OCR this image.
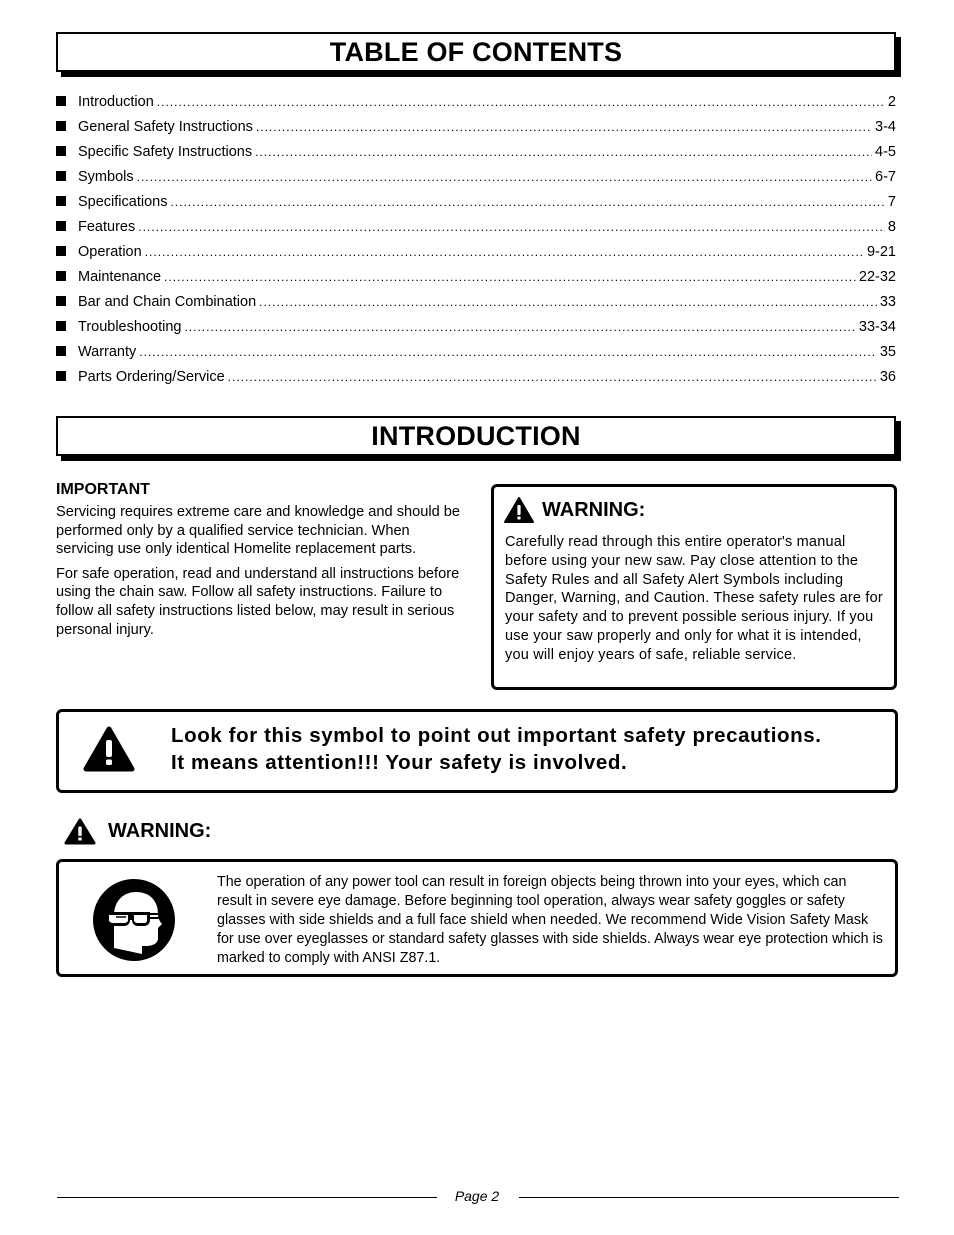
TABLE OF CONTENTS
Introduction .....	2
General Safety Instructions .....	3-4
Specific Safety Instructions .....	4-5
Symbols .....	6-7
Specifications .....	7
Features .....	8
Operation .....	9-21
Maintenance .....	22-32
Bar and Chain Combination .....	33
Troubleshooting .....	33-34
Warranty .....	35
Parts Ordering/Service .....	36
INTRODUCTION
IMPORTANT

Servicing requires extreme care and knowledge and should be performed only by a qualified service technician. When servicing use only identical Homelite replacement parts.

For safe operation, read and understand all instructions before using the chain saw. Follow all safety instructions. Failure to follow all safety instructions listed below, may result in serious personal injury.

WARNING:
Carefully read through this entire operator's manual before using your new saw. Pay close attention to the Safety Rules and all Safety Alert Symbols including Danger, Warning, and Caution. These safety rules are for your safety and to prevent possible serious injury. If you use your saw properly and only for what it is intended, you will enjoy years of safe, reliable service.
Look for this symbol to point out important safety precautions.
It means attention!!! Your safety is involved.
WARNING:
The operation of any power tool can result in foreign objects being thrown into your eyes, which can result in severe eye damage. Before beginning tool operation, always wear safety goggles or safety glasses with side shields and a full face shield when needed. We recommend Wide Vision Safety Mask for use over eyeglasses or standard safety glasses with side shields. Always wear eye protection which is marked to comply with ANSI Z87.1.
Page 2
